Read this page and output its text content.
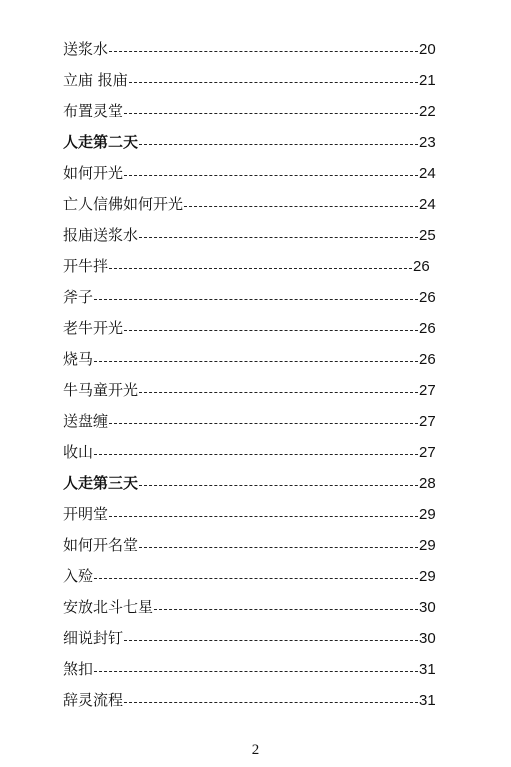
送浆水	20
立庙 报庙	21
布置灵堂	22
人走第二天	23
如何开光	24
亡人信佛如何开光	24
报庙送浆水	25
开牛拌	26
斧子	26
老牛开光	26
烧马	26
牛马童开光	27
送盘缠	27
收山	27
人走第三天	28
开明堂	29
如何开名堂	29
入殓	29
安放北斗七星	30
细说封钉	30
煞扣	31
辞灵流程	31
2
